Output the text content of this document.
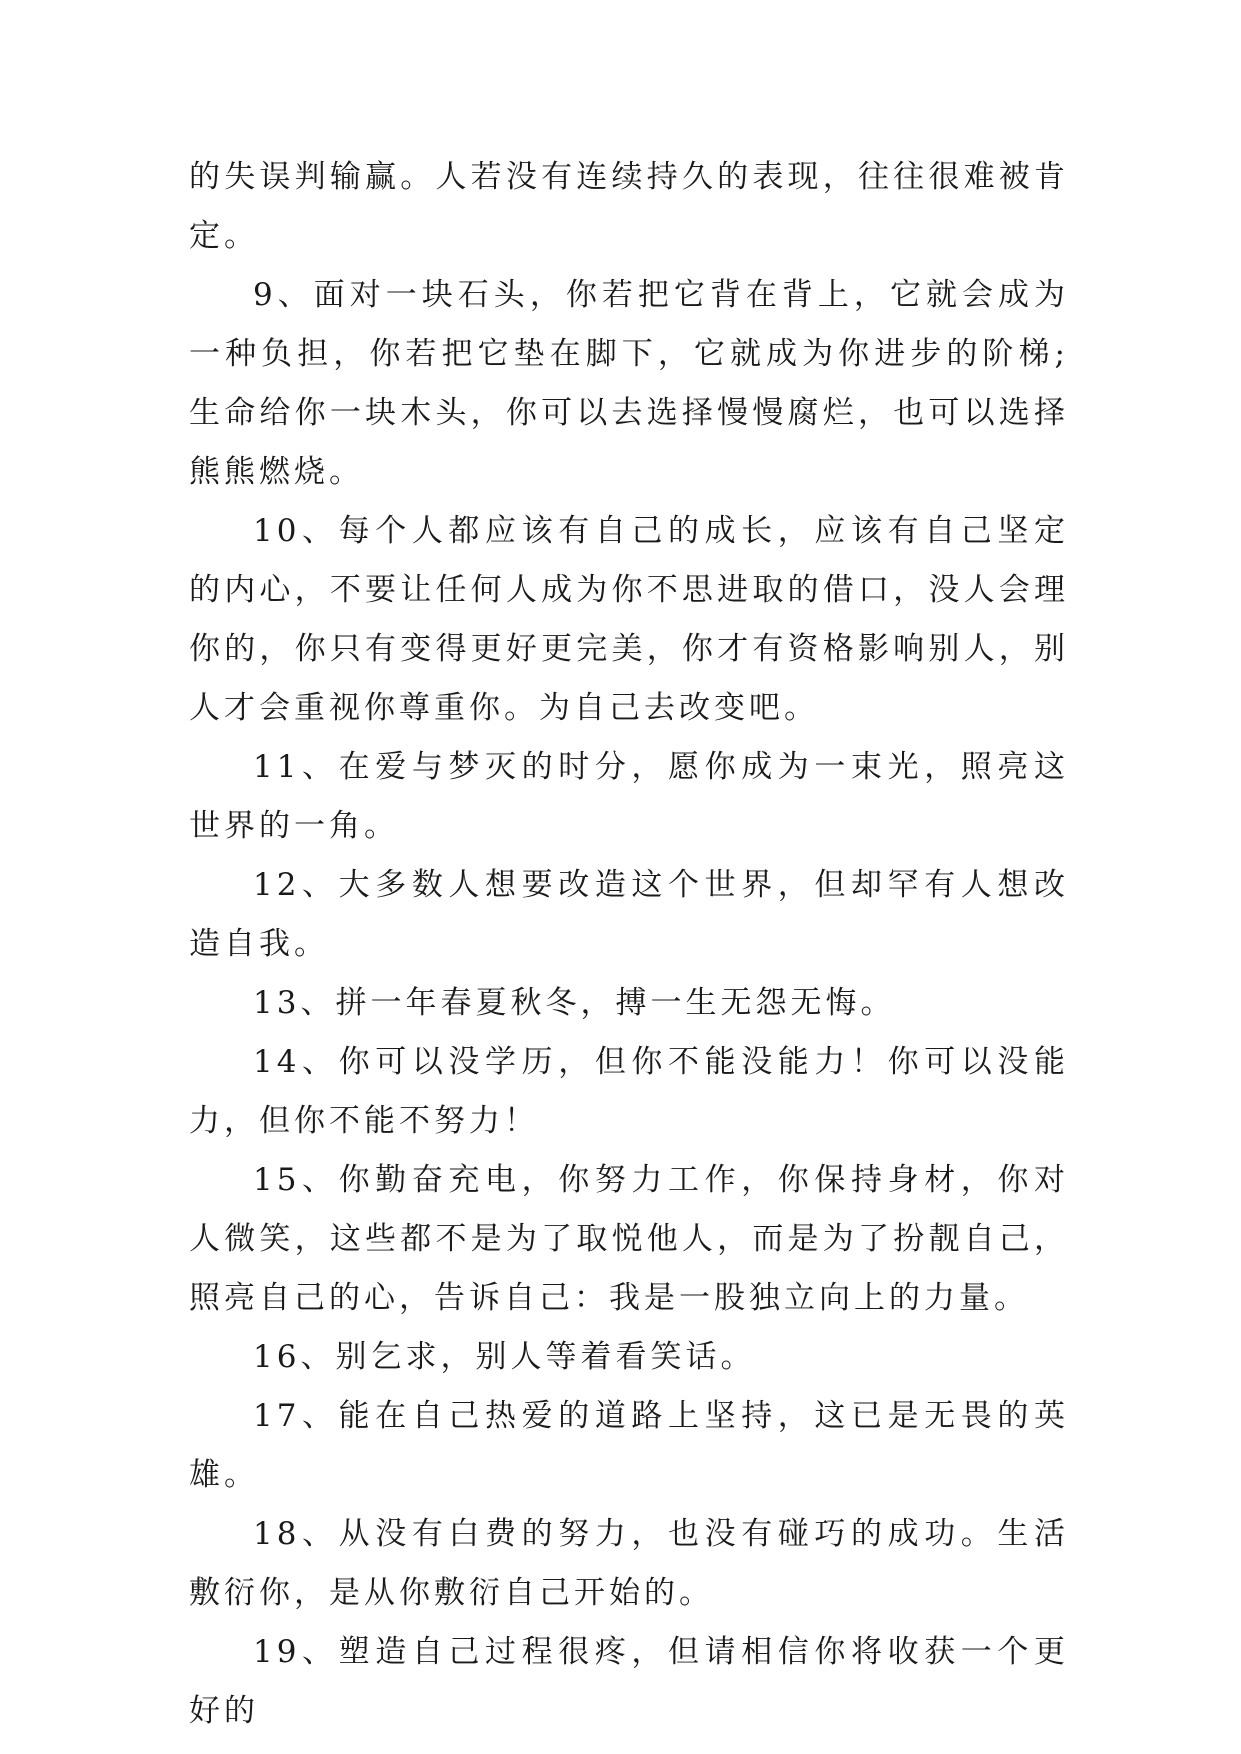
的失误判输赢。人若没有连续持久的表现，往往很难被肯定。

9、面对一块石头，你若把它背在背上，它就会成为一种负担，你若把它垫在脚下，它就成为你进步的阶梯;生命给你一块木头，你可以去选择慢慢腐烂，也可以选择熊熊燃烧。

10、每个人都应该有自己的成长，应该有自己坚定的内心，不要让任何人成为你不思进取的借口，没人会理你的，你只有变得更好更完美，你才有资格影响别人，别人才会重视你尊重你。为自己去改变吧。

11、在爱与梦灭的时分，愿你成为一束光，照亮这世界的一角。

12、大多数人想要改造这个世界，但却罕有人想改造自我。

13、拼一年春夏秋冬，搏一生无怨无悔。

14、你可以没学历，但你不能没能力！你可以没能力，但你不能不努力！

15、你勤奋充电，你努力工作，你保持身材，你对人微笑，这些都不是为了取悦他人，而是为了扮靓自己，照亮自己的心，告诉自己：我是一股独立向上的力量。

16、别乞求，别人等着看笑话。

17、能在自己热爱的道路上坚持，这已是无畏的英雄。

18、从没有白费的努力，也没有碰巧的成功。生活敷衍你，是从你敷衍自己开始的。

19、塑造自己过程很疼，但请相信你将收获一个更好的
